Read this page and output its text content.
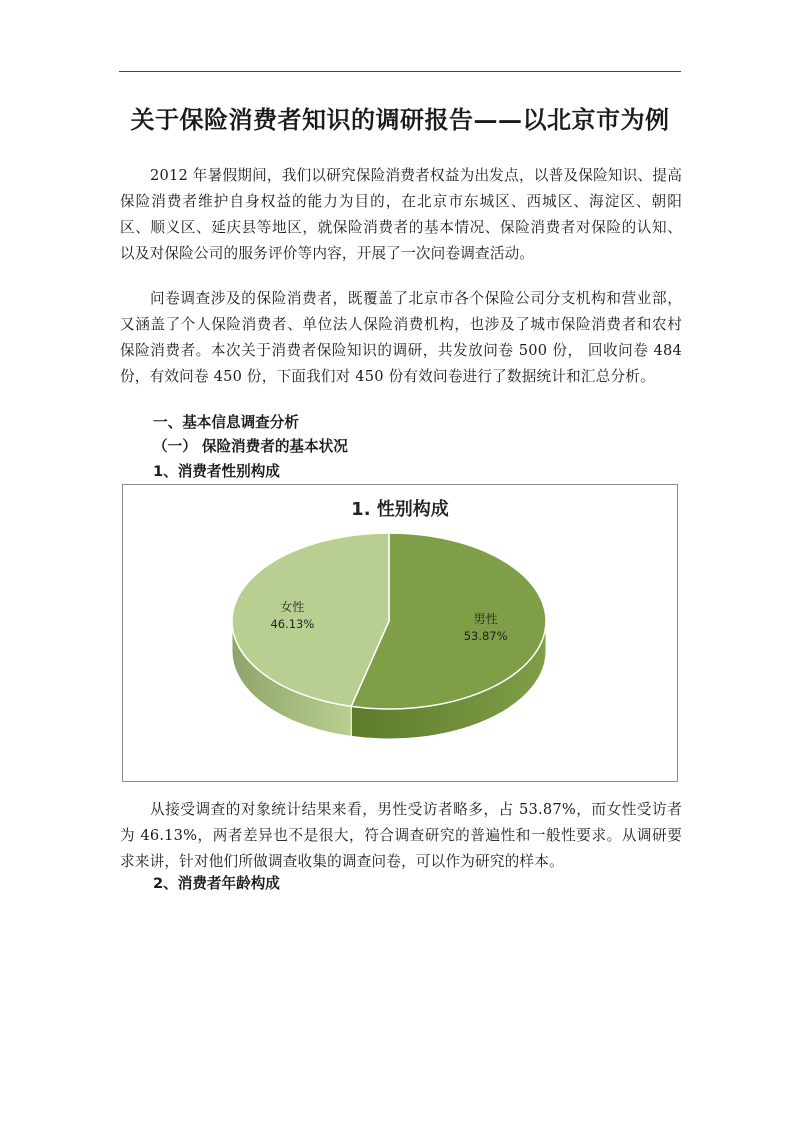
关于保险消费者知识的调研报告——以北京市为例

2012 年暑假期间，我们以研究保险消费者权益为出发点，以普及保险知识、提高保险消费者维护自身权益的能力为目的，在北京市东城区、西城区、海淀区、朝阳区、顺义区、延庆县等地区，就保险消费者的基本情况、保险消费者对保险的认知、以及对保险公司的服务评价等内容，开展了一次问卷调查活动。

问卷调查涉及的保险消费者，既覆盖了北京市各个保险公司分支机构和营业部，又涵盖了个人保险消费者、单位法人保险消费机构，也涉及了城市保险消费者和农村保险消费者。本次关于消费者保险知识的调研，共发放问卷 500 份， 回收问卷 484 份，有效问卷 450 份，下面我们对 450 份有效问卷进行了数据统计和汇总分析。

一、基本信息调查分析

（一） 保险消费者的基本状况

1、消费者性别构成

1. 性别构成
男性
53.87%
女性
46.13%

从接受调查的对象统计结果来看，男性受访者略多，占 53.87%，而女性受访者为 46.13%，两者差异也不是很大，符合调查研究的普遍性和一般性要求。从调研要求来讲，针对他们所做调查收集的调查问卷，可以作为研究的样本。

2、消费者年龄构成
